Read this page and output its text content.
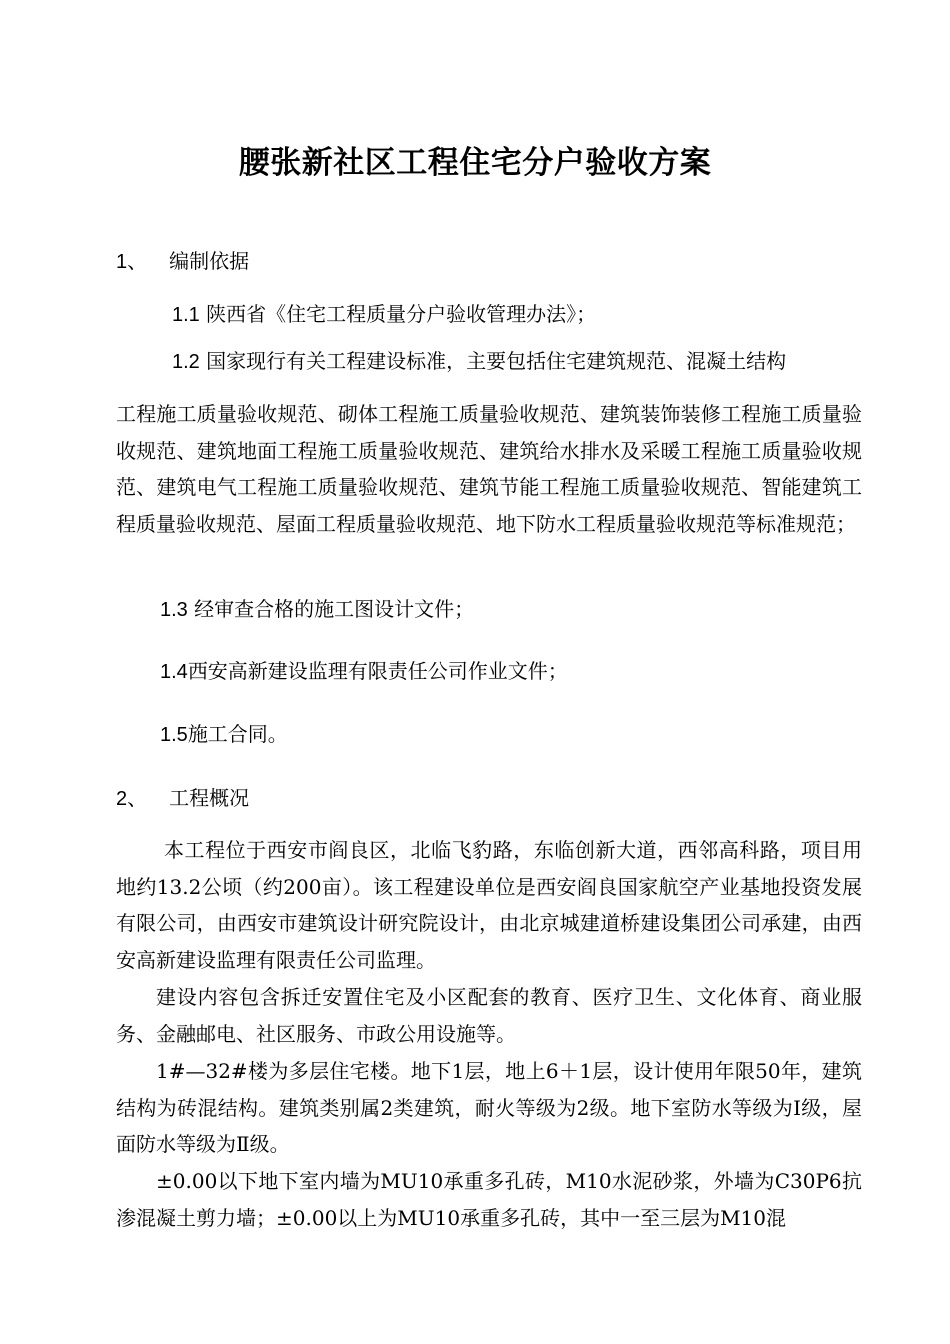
腰张新社区工程住宅分户验收方案
1、 编制依据
1.1 陕西省《住宅工程质量分户验收管理办法》；
1.2 国家现行有关工程建设标准，主要包括住宅建筑规范、混凝土结构
工程施工质量验收规范、砌体工程施工质量验收规范、建筑装饰装修工程施工质量验收规范、建筑地面工程施工质量验收规范、建筑给水排水及采暖工程施工质量验收规范、建筑电气工程施工质量验收规范、建筑节能工程施工质量验收规范、智能建筑工程质量验收规范、屋面工程质量验收规范、地下防水工程质量验收规范等标准规范；
1.3 经审查合格的施工图设计文件；
1.4西安高新建设监理有限责任公司作业文件；
1.5施工合同。
2、 工程概况
本工程位于西安市阎良区，北临飞豹路，东临创新大道，西邻高科路，项目用地约13.2公顷（约200亩）。该工程建设单位是西安阎良国家航空产业基地投资发展有限公司，由西安市建筑设计研究院设计，由北京城建道桥建设集团公司承建，由西安高新建设监理有限责任公司监理。
建设内容包含拆迁安置住宅及小区配套的教育、医疗卫生、文化体育、商业服务、金融邮电、社区服务、市政公用设施等。
1#—32#楼为多层住宅楼。地下1层，地上6＋1层，设计使用年限50年，建筑结构为砖混结构。建筑类别属2类建筑，耐火等级为2级。地下室防水等级为Ⅰ级，屋面防水等级为Ⅱ级。
±0.00以下地下室内墙为MU10承重多孔砖，M10水泥砂浆，外墙为C30P6抗渗混凝土剪力墙；±0.00以上为MU10承重多孔砖，其中一至三层为M10混
